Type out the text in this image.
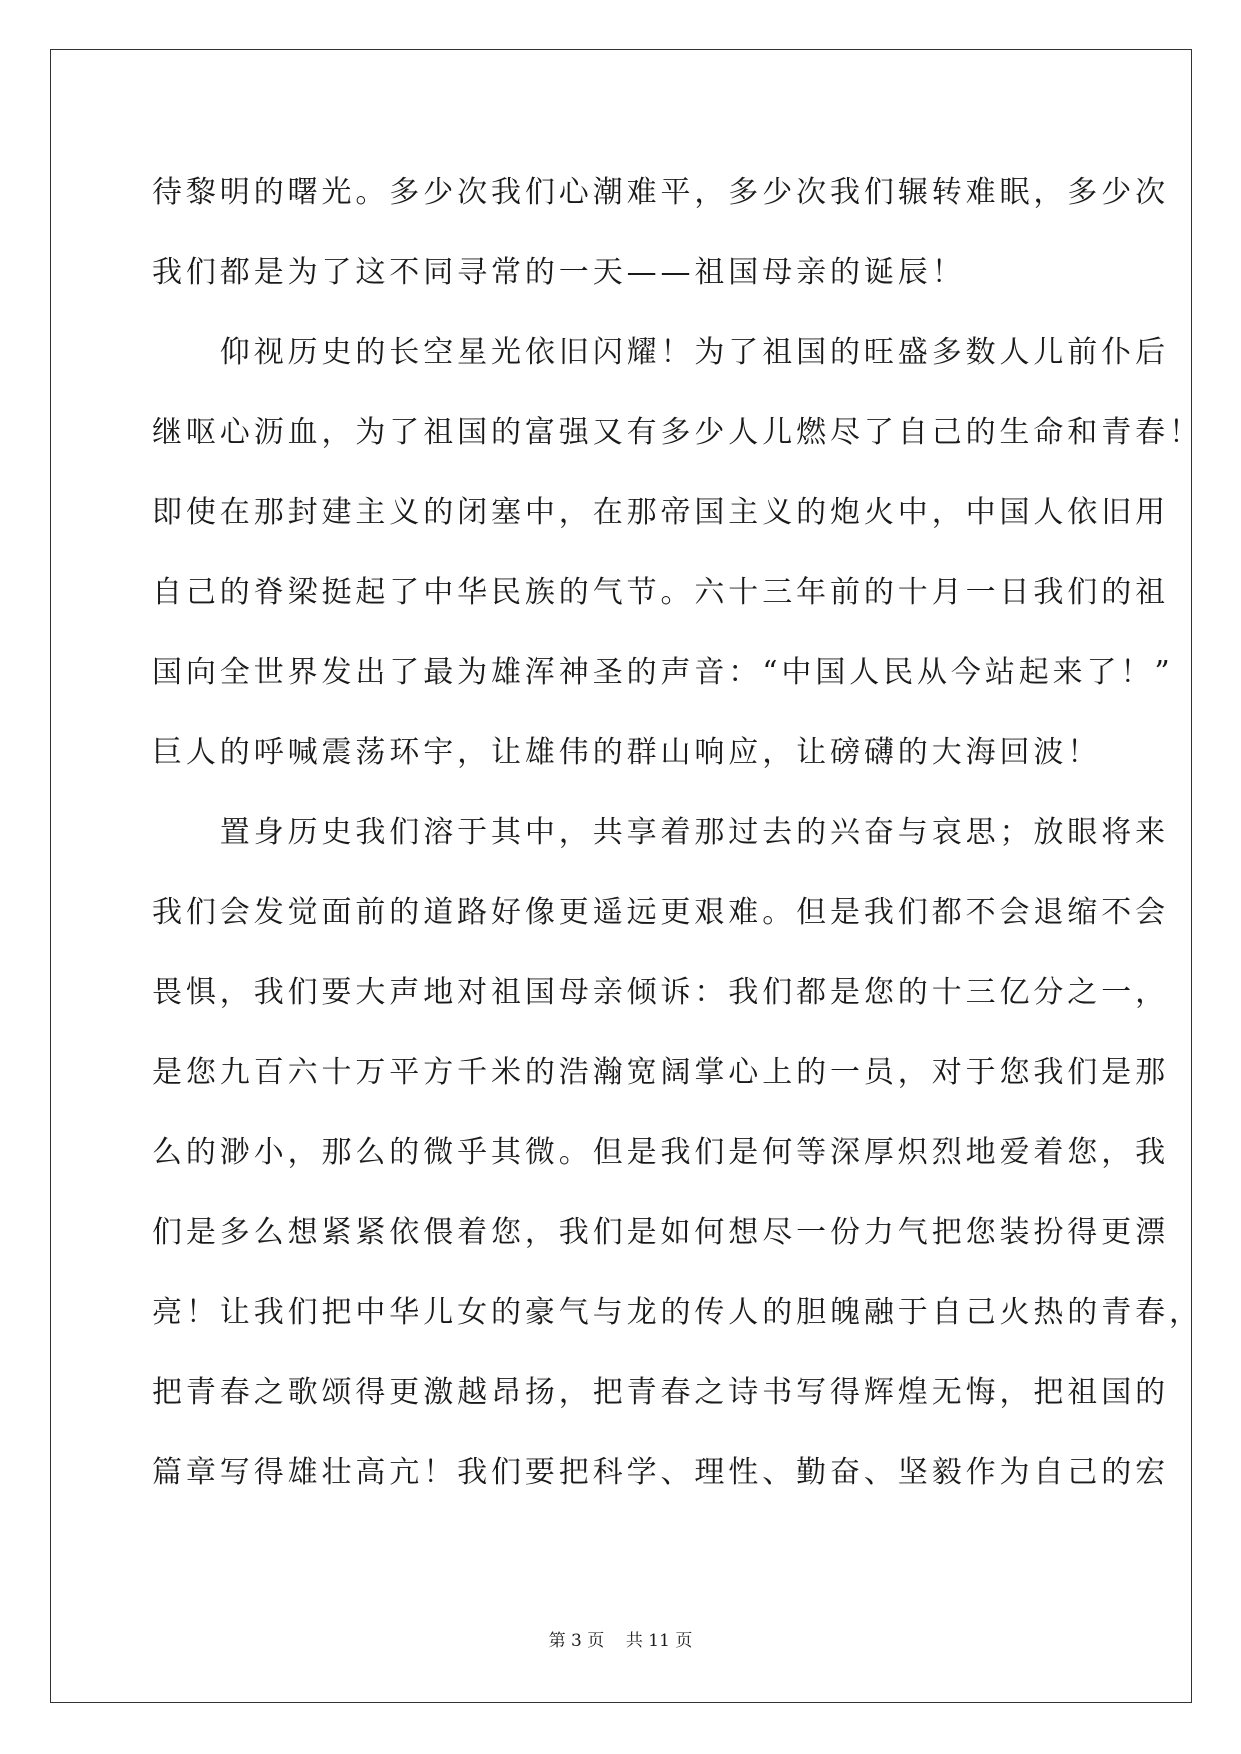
待黎明的曙光。多少次我们心潮难平，多少次我们辗转难眠，多少次
我们都是为了这不同寻常的一天——祖国母亲的诞辰！
　　仰视历史的长空星光依旧闪耀！为了祖国的旺盛多数人儿前仆后
继呕心沥血，为了祖国的富强又有多少人儿燃尽了自己的生命和青春！
即使在那封建主义的闭塞中，在那帝国主义的炮火中，中国人依旧用
自己的脊梁挺起了中华民族的气节。六十三年前的十月一日我们的祖
国向全世界发出了最为雄浑神圣的声音：“中国人民从今站起来了！”
巨人的呼喊震荡环宇，让雄伟的群山响应，让磅礴的大海回波！
　　置身历史我们溶于其中，共享着那过去的兴奋与哀思；放眼将来
我们会发觉面前的道路好像更遥远更艰难。但是我们都不会退缩不会
畏惧，我们要大声地对祖国母亲倾诉：我们都是您的十三亿分之一，
是您九百六十万平方千米的浩瀚宽阔掌心上的一员，对于您我们是那
么的渺小，那么的微乎其微。但是我们是何等深厚炽烈地爱着您，我
们是多么想紧紧依偎着您，我们是如何想尽一份力气把您装扮得更漂
亮！让我们把中华儿女的豪气与龙的传人的胆魄融于自己火热的青春，
把青春之歌颂得更激越昂扬，把青春之诗书写得辉煌无悔，把祖国的
篇章写得雄壮高亢！我们要把科学、理性、勤奋、坚毅作为自己的宏
第 3 页    共 11 页
